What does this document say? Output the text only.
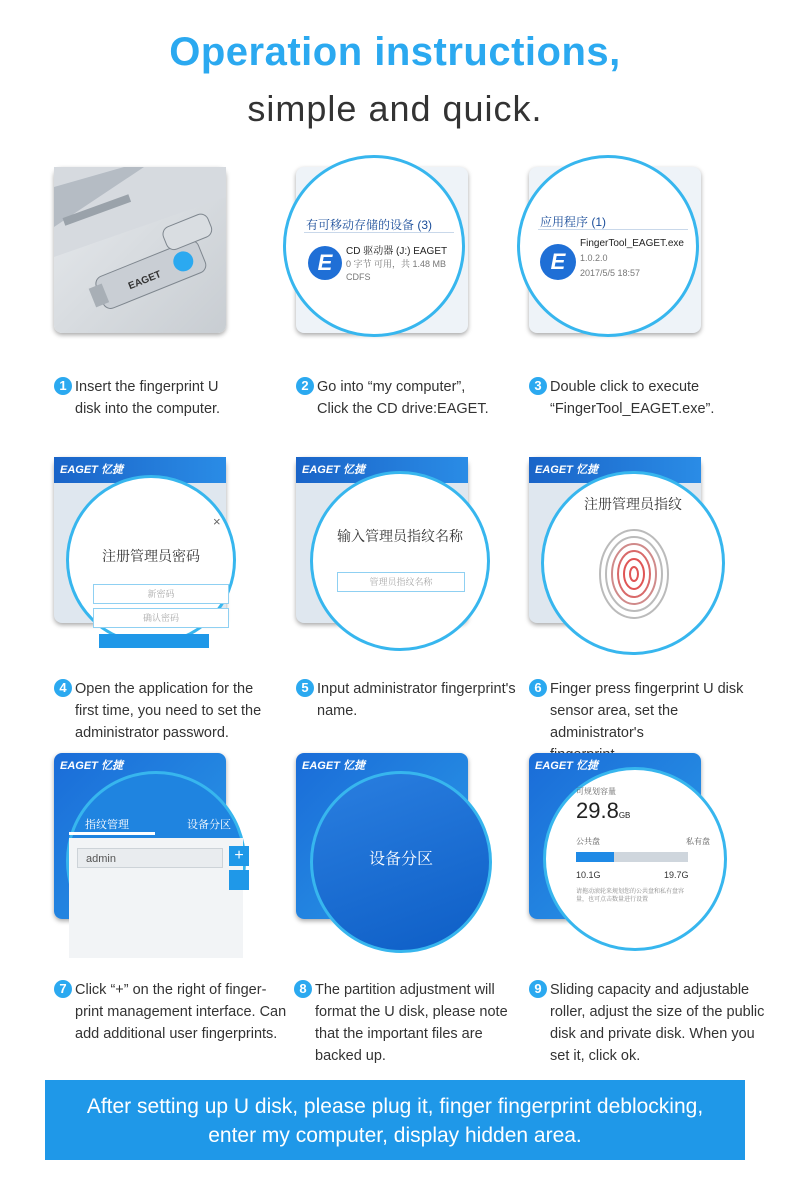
Operation instructions,
simple and quick.
EAGET
有可移动存储的设备 (3)
E	CD 驱动器 (J:) EAGET
0 字节 可用，共 1.48 MB
CDFS
应用程序 (1)
E
FingerTool_EAGET.exe
1.0.2.0
2017/5/5 18:57
1 Insert the fingerprint U
disk into the computer.
2 Go into “my computer”,
Click the CD drive:EAGET.
3 Double click to execute
“FingerTool_EAGET.exe”.
EAGET 忆捷
×
注册管理员密码
新密码
确认密码
EAGET 忆捷
输入管理员指纹名称
管理员指纹名称
EAGET 忆捷
注册管理员指纹
4 Open the application for the
first time, you need to set the
administrator password.
5 Input administrator fingerprint's
name.
6 Finger press fingerprint U disk
sensor area, set the administrator's

EAGET 忆捷
指纹管理	设备分区
admin	+
EAGET 忆捷
设备分区
EAGET 忆捷
可规划容量
29.8GB
公共盘	私有盘
10.1G	19.7G
请拖动滚轮来规划您的公共盘和私有盘容量，也可点击数量进行设置
7 Click “+” on the right of finger-
print management interface. Can
add additional user fingerprints.
8 The partition adjustment will
format the U disk, please note
that the important files are
backed up.
9 Sliding capacity and adjustable
roller, adjust the size of the public
disk and private disk. When you
set it, click ok.
After setting up U disk, please plug it, finger fingerprint deblocking,
enter my computer, display hidden area.
